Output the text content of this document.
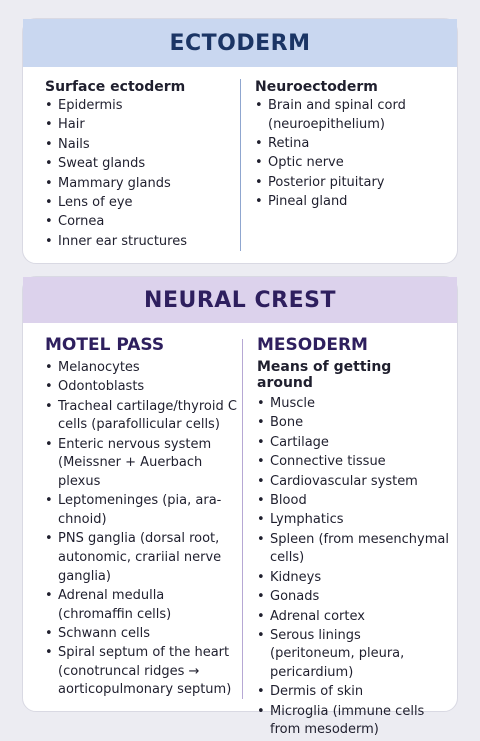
ECTODERM
Surface ectoderm
• Epidermis
• Hair
• Nails
• Sweat glands
• Mammary glands
• Lens of eye
• Cornea
• Inner ear structures
Neuroectoderm
• Brain and spinal cord (neuroepithelium)
• Retina
• Optic nerve
• Posterior pituitary
• Pineal gland
NEURAL CREST
MOTEL PASS
• Melanocytes
• Odontoblasts
• Tracheal cartilage/thyroid C cells (parafollicular cells)
• Enteric nervous system (Meissner + Auerbach plexus
• Leptomeninges (pia, ara-chnoid)
• PNS ganglia (dorsal root, autonomic, crariial nerve ganglia)
• Adrenal medulla (chromaffin cells)
• Schwann cells
• Spiral septum of the heart (conotruncal ridges → aorticopulmonary septum)
MESODERM
Means of getting around
• Muscle
• Bone
• Cartilage
• Connective tissue
• Cardiovascular system
• Blood
• Lymphatics
• Spleen (from mesenchymal cells)
• Kidneys
• Gonads
• Adrenal cortex
• Serous linings (peritoneum, pleura, pericardium)
• Dermis of skin
• Microglia (immune cells from mesoderm)
